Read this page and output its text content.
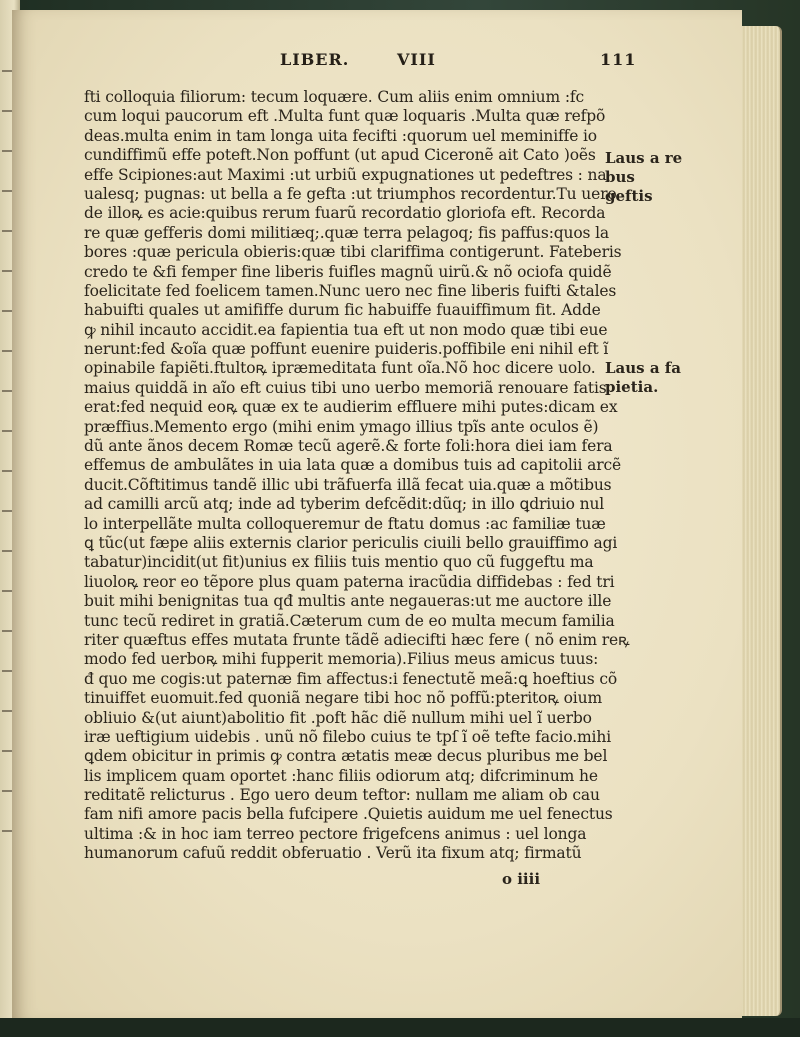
LIBER.	VIII	111
fti colloquia filiorum: tecum loquære. Cum aliis enim omnium :fc
cum loqui paucorum eft .Multa funt quæ loquaris .Multa quæ refpõ
deas.multa enim in tam longa uita fecifti :quorum uel meminiffe io
cundiffimũ effe poteft.Non poffunt (ut apud Ciceronẽ ait Cato )oẽs
effe Scipiones:aut Maximi :ut urbiũ expugnationes ut pedeftres : na
ualesq; pugnas: ut bella a fe gefta :ut triumphos recordentur.Tu uero
de illoꝶ es acie:quibus rerum fuarũ recordatio gloriofa eft. Recorda
re quæ gefferis domi militiæq;.quæ terra pelagoq; fis paffus:quos la
bores :quæ pericula obieris:quæ tibi clariffima contigerunt. Fateberis
credo te &fi femper fine liberis fuifles magnũ uirũ.& nõ ociofa quidẽ
foelicitate fed foelicem tamen.Nunc uero nec fine liberis fuifti &tales
habuifti quales ut amififfe durum fic habuiffe fuauiffimum fit. Adde
ꝙ nihil incauto accidit.ea fapientia tua eft ut non modo quæ tibi eue
nerunt:fed &oĩa quæ poffunt euenire puideris.poffibile eni nihil eft ĩ
opinabile fapiẽti.ftultoꝶ ipræmeditata funt oĩa.Nõ hoc dicere uolo.
maius quiddã in aĩo eft cuius tibi uno uerbo memoriã renouare fatis
erat:fed nequid eoꝶ quæ ex te audierim effluere mihi putes:dicam ex
præffius.Memento ergo (mihi enim ymago illius tpĩs ante oculos ẽ)
dũ ante ãnos decem Romæ tecũ agerẽ.& forte foli:hora diei iam fera
effemus de ambulãtes in uia lata quæ a domibus tuis ad capitolii arcẽ
ducit.Cõftitimus tandẽ illic ubi trãfuerfa illã fecat uia.quæ a mõtibus
ad camilli arcũ atq; inde ad tyberim defcẽdit:dũq; in illo ꝗdriuio nul
lo interpellãte multa colloqueremur de ftatu domus :ac familiæ tuæ
ꝗ tũc(ut fæpe aliis externis clarior periculis ciuili bello grauiffimo agi
tabatur)incidit(ut fit)unius ex filiis tuis mentio quo cũ fuggeftu ma
liuoloꝶ reor eo tẽpore plus quam paterna iracũdia diffidebas : fed tri
buit mihi benignitas tua qđ multis ante negaueras:ut me auctore ille
tunc tecũ rediret in gratiã.Cæterum cum de eo multa mecum familia
riter quæftus effes mutata frunte tãdẽ adiecifti hæc fere ( nõ enim reꝶ
modo fed uerboꝶ mihi fupperit memoria).Filius meus amicus tuus:
đ quo me cogis:ut paternæ fim affectus:i fenectutẽ meã:ꝗ hoeftius cõ
tinuiffet euomuit.fed quoniã negare tibi hoc nõ poffũ:pteritoꝶ oium
obliuio &(ut aiunt)abolitio fit .poft hãc diẽ nullum mihi uel ĩ uerbo
iræ ueftigium uidebis . unũ nõ filebo cuius te tpſ ĩ oẽ tefte facio.mihi
ꝗdem obicitur in primis ꝙ contra ætatis meæ decus pluribus me bel
lis implicem quam oportet :hanc filiis odiorum atq; difcriminum he
reditatẽ relicturus . Ego uero deum teftor: nullam me aliam ob cau
fam nifi amore pacis bella fufcipere .Quietis auidum me uel fenectus
ultima :& in hoc iam terreo pectore frigefcens animus : uel longa
humanorum cafuũ reddit obferuatio . Verũ ita fixum atq; firmatũ
Laus a re
bus geftis
Laus a fa
pietia.
o iiii
